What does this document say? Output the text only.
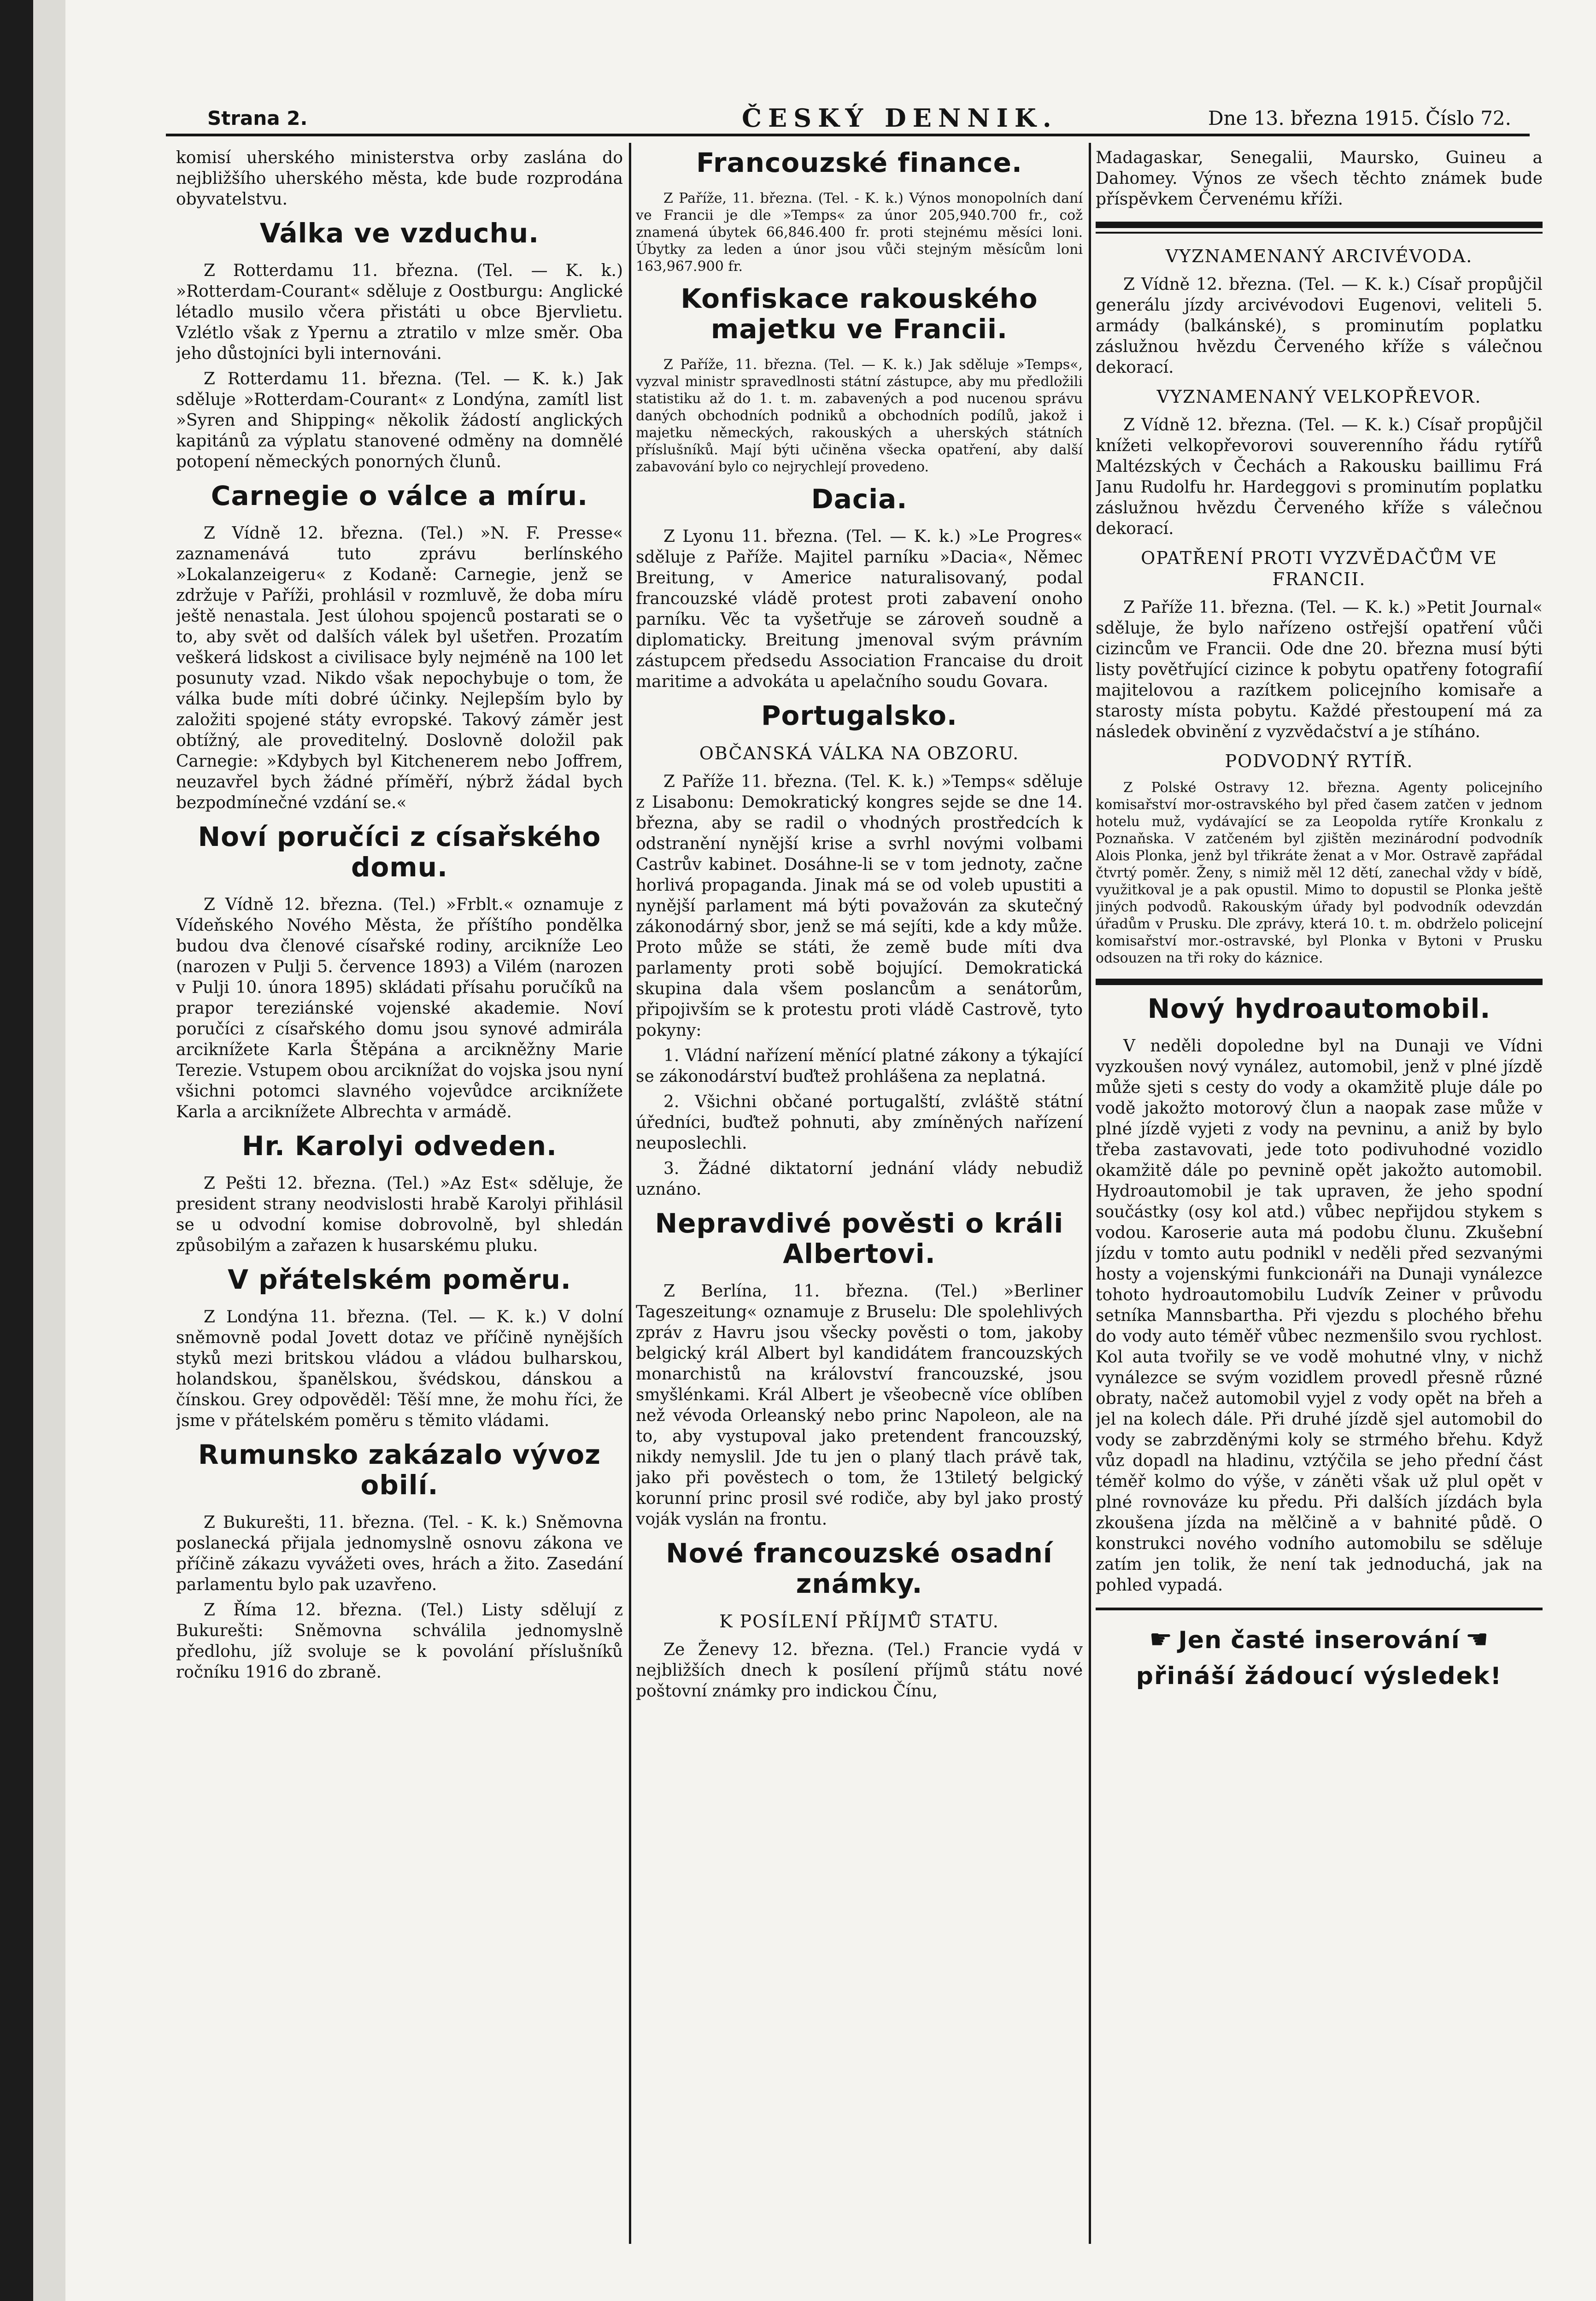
Strana 2.	ČESKÝ DENNIK.	Dne 13. března 1915. Číslo 72.

komisí uherského ministerstva orby zaslána do nejbližšího uherského města, kde bude rozprodána obyvatelstvu.

Válka ve vzduchu.

Z Rotterdamu 11. března. (Tel. — K. k.) »Rotterdam-Courant« sděluje z Oostburgu: Anglické létadlo musilo včera přistáti u obce Bjervlietu. Vzlétlo však z Ypernu a ztratilo v mlze směr. Oba jeho důstojníci byli internováni.

Z Rotterdamu 11. března. (Tel. — K. k.) Jak sděluje »Rotterdam-Courant« z Londýna, zamítl list »Syren and Shipping« několik žádostí anglických kapitánů za výplatu stanovené odměny na domnělé potopení německých ponorných člunů.

Carnegie o válce a míru.

Z Vídně 12. března. (Tel.) »N. F. Presse« zaznamenává tuto zprávu berlínského »Lokalanzeigeru« z Kodaně: Carnegie, jenž se zdržuje v Paříži, prohlásil v rozmluvě, že doba míru ještě nenastala. Jest úlohou spojenců postarati se o to, aby svět od dalších válek byl ušetřen. Prozatím veškerá lidskost a civilisace byly nejméně na 100 let posunuty vzad. Nikdo však nepochybuje o tom, že válka bude míti dobré účinky. Nejlepším bylo by založiti spojené státy evropské. Takový záměr jest obtížný, ale proveditelný. Doslovně doložil pak Carnegie: »Kdybych byl Kitchenerem nebo Joffrem, neuzavřel bych žádné příměří, nýbrž žádal bych bezpodmínečné vzdání se.«

Noví poručíci z císařského domu.

Z Vídně 12. března. (Tel.) »Frblt.« oznamuje z Vídeňského Nového Města, že příštího pondělka budou dva členové císařské rodiny, arcikníže Leo (narozen v Pulji 5. července 1893) a Vilém (narozen v Pulji 10. února 1895) skládati přísahu poručíků na prapor tereziánské vojenské akademie. Noví poručíci z císařského domu jsou synové admirála arciknížete Karla Štěpána a arcikněžny Marie Terezie. Vstupem obou arciknížat do vojska jsou nyní všichni potomci slavného vojevůdce arciknížete Karla a arciknížete Albrechta v armádě.

Hr. Karolyi odveden.

Z Pešti 12. března. (Tel.) »Az Est« sděluje, že president strany neodvislosti hrabě Karolyi přihlásil se u odvodní komise dobrovolně, byl shledán způsobilým a zařazen k husarskému pluku.

V přátelském poměru.

Z Londýna 11. března. (Tel. — K. k.) V dolní sněmovně podal Jovett dotaz ve příčině nynějších styků mezi britskou vládou a vládou bulharskou, holandskou, španělskou, švédskou, dánskou a čínskou. Grey odpověděl: Těší mne, že mohu říci, že jsme v přátelském poměru s těmito vládami.

Rumunsko zakázalo vývoz obilí.

Z Bukurešti, 11. března. (Tel. - K. k.) Sněmovna poslanecká přijala jednomyslně osnovu zákona ve příčině zákazu vyvážeti oves, hrách a žito. Zasedání parlamentu bylo pak uzavřeno.

Z Říma 12. března. (Tel.) Listy sdělují z Bukurešti: Sněmovna schválila jednomyslně předlohu, jíž svoluje se k povolání příslušníků ročníku 1916 do zbraně.

Francouzské finance.

Z Paříže, 11. března. (Tel. - K. k.) Výnos monopolních daní ve Francii je dle »Temps« za únor 205,940.700 fr., což znamená úbytek 66,846.400 fr. proti stejnému měsíci loni. Úbytky za leden a únor jsou vůči stejným měsícům loni 163,967.900 fr.

Konfiskace rakouského majetku ve Francii.

Z Paříže, 11. března. (Tel. — K. k.) Jak sděluje »Temps«, vyzval ministr spravedlnosti státní zástupce, aby mu předložili statistiku až do 1. t. m. zabavených a pod nucenou správu daných obchodních podniků a obchodních podílů, jakož i majetku německých, rakouských a uherských státních příslušníků. Mají býti učiněna všecka opatření, aby další zabavování bylo co nejrychlejí provedeno.

Dacia.

Z Lyonu 11. března. (Tel. — K. k.) »Le Progres« sděluje z Paříže. Majitel parníku »Dacia«, Němec Breitung, v Americe naturalisovaný, podal francouzské vládě protest proti zabavení onoho parníku. Věc ta vyšetřuje se zároveň soudně a diplomaticky. Breitung jmenoval svým právním zástupcem předsedu Association Francaise du droit maritime a advokáta u apelačního soudu Govara.

Portugalsko.
OBČANSKÁ VÁLKA NA OBZORU.

Z Paříže 11. března. (Tel. K. k.) »Temps« sděluje z Lisabonu: Demokratický kongres sejde se dne 14. března, aby se radil o vhodných prostředcích k odstranění nynější krise a svrhl novými volbami Castrův kabinet. Dosáhne-li se v tom jednoty, začne horlivá propaganda. Jinak má se od voleb upustiti a nynější parlament má býti považován za skutečný zákonodárný sbor, jenž se má sejíti, kde a kdy může. Proto může se státi, že země bude míti dva parlamenty proti sobě bojující. Demokratická skupina dala všem poslancům a senátorům, připojivším se k protestu proti vládě Castrově, tyto pokyny:

1. Vládní nařízení měnící platné zákony a týkající se zákonodárství buďtež prohlášena za neplatná.

2. Všichni občané portugalští, zvláště státní úředníci, buďtež pohnuti, aby zmíněných nařízení neuposlechli.

3. Žádné diktatorní jednání vlády nebudiž uznáno.

Nepravdivé pověsti o králi Albertovi.

Z Berlína, 11. března. (Tel.) »Berliner Tageszeitung« oznamuje z Bruselu: Dle spolehlivých zpráv z Havru jsou všecky pověsti o tom, jakoby belgický král Albert byl kandidátem francouzských monarchistů na království francouzské, jsou smyšlénkami. Král Albert je všeobecně více oblíben než vévoda Orleanský nebo princ Napoleon, ale na to, aby vystupoval jako pretendent francouzský, nikdy nemyslil. Jde tu jen o planý tlach právě tak, jako při pověstech o tom, že 13tiletý belgický korunní princ prosil své rodiče, aby byl jako prostý voják vyslán na frontu.

Nové francouzské osadní známky.
K POSÍLENÍ PŘÍJMŮ STATU.

Ze Ženevy 12. března. (Tel.) Francie vydá v nejbližších dnech k posílení příjmů státu nové poštovní známky pro indickou Čínu,

Madagaskar, Senegalii, Maursko, Guineu a Dahomey. Výnos ze všech těchto známek bude příspěvkem Červenému kříži.

VYZNAMENANÝ ARCIVÉVODA.

Z Vídně 12. března. (Tel. — K. k.) Císař propůjčil generálu jízdy arcivévodovi Eugenovi, veliteli 5. armády (balkánské), s prominutím poplatku záslužnou hvězdu Červeného kříže s válečnou dekorací.

VYZNAMENANÝ VELKOPŘEVOR.

Z Vídně 12. března. (Tel. — K. k.) Císař propůjčil knížeti velkopřevorovi souverenního řádu rytířů Maltézských v Čechách a Rakousku baillimu Frá Janu Rudolfu hr. Hardeggovi s prominutím poplatku záslužnou hvězdu Červeného kříže s válečnou dekorací.

OPATŘENÍ PROTI VYZVĚDAČŮM VE FRANCII.

Z Paříže 11. března. (Tel. — K. k.) »Petit Journal« sděluje, že bylo nařízeno ostřejší opatření vůči cizincům ve Francii. Ode dne 20. března musí býti listy povětřující cizince k pobytu opatřeny fotografií majitelovou a razítkem policejního komisaře a starosty místa pobytu. Každé přestoupení má za následek obvinění z vyzvědačství a je stíháno.

PODVODNÝ RYTÍŘ.

Z Polské Ostravy 12. března. Agenty policejního komisařství mor-ostravského byl před časem zatčen v jednom hotelu muž, vydávající se za Leopolda rytíře Kronkalu z Poznaňska. V zatčeném byl zjištěn mezinárodní podvodník Alois Plonka, jenž byl třikráte ženat a v Mor. Ostravě zapřádal čtvrtý poměr. Ženy, s nimiž měl 12 dětí, zanechal vždy v bídě, využitkoval je a pak opustil. Mimo to dopustil se Plonka ještě jiných podvodů. Rakouským úřady byl podvodník odevzdán úřadům v Prusku. Dle zprávy, která 10. t. m. obdrželo policejní komisařství mor.-ostravské, byl Plonka v Bytoni v Prusku odsouzen na tři roky do káznice.

Nový hydroautomobil.

V neděli dopoledne byl na Dunaji ve Vídni vyzkoušen nový vynález, automobil, jenž v plné jízdě může sjeti s cesty do vody a okamžitě pluje dále po vodě jakožto motorový člun a naopak zase může v plné jízdě vyjeti z vody na pevninu, a aniž by bylo třeba zastavovati, jede toto podivuhodné vozidlo okamžitě dále po pevnině opět jakožto automobil. Hydroautomobil je tak upraven, že jeho spodní součástky (osy kol atd.) vůbec nepřijdou stykem s vodou. Karoserie auta má podobu člunu. Zkušební jízdu v tomto autu podnikl v neděli před sezvanými hosty a vojenskými funkcionáři na Dunaji vynálezce tohoto hydroautomobilu Ludvík Zeiner v průvodu setníka Mannsbartha. Při vjezdu s plochého břehu do vody auto téměř vůbec nezmenšilo svou rychlost. Kol auta tvořily se ve vodě mohutné vlny, v nichž vynálezce se svým vozidlem provedl přesně různé obraty, načež automobil vyjel z vody opět na břeh a jel na kolech dále. Při druhé jízdě sjel automobil do vody se zabrzděnými koly se strmého břehu. Když vůz dopadl na hladinu, vztýčila se jeho přední část téměř kolmo do výše, v záněti však už plul opět v plné rovnováze ku předu. Při dalších jízdách byla zkoušena jízda na mělčině a v bahnité půdě. O konstrukci nového vodního automobilu se sděluje zatím jen tolik, že není tak jednoduchá, jak na pohled vypadá.

☛ Jen časté inserování ☚
přináší žádoucí výsledek!
